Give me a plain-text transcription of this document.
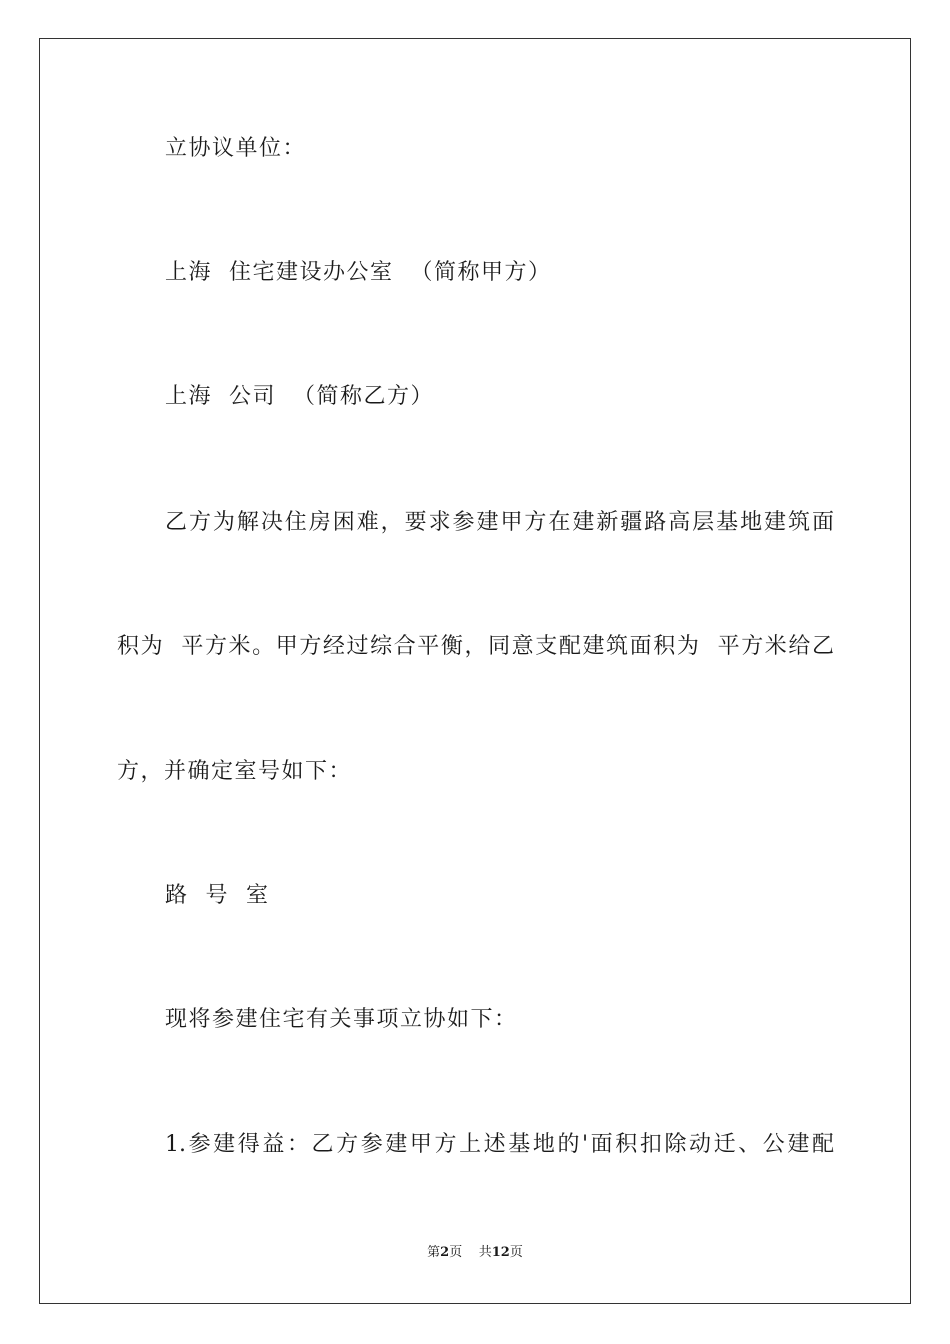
立协议单位：
上海  住宅建设办公室  （简称甲方）
上海  公司  （简称乙方）
乙方为解决住房困难，要求参建甲方在建新疆路高层基地建筑面
积为  平方米。甲方经过综合平衡，同意支配建筑面积为  平方米给乙
方，并确定室号如下：
路  号  室
现将参建住宅有关事项立协如下：
1.参建得益：乙方参建甲方上述基地的'面积扣除动迁、公建配
第2页 共12页
